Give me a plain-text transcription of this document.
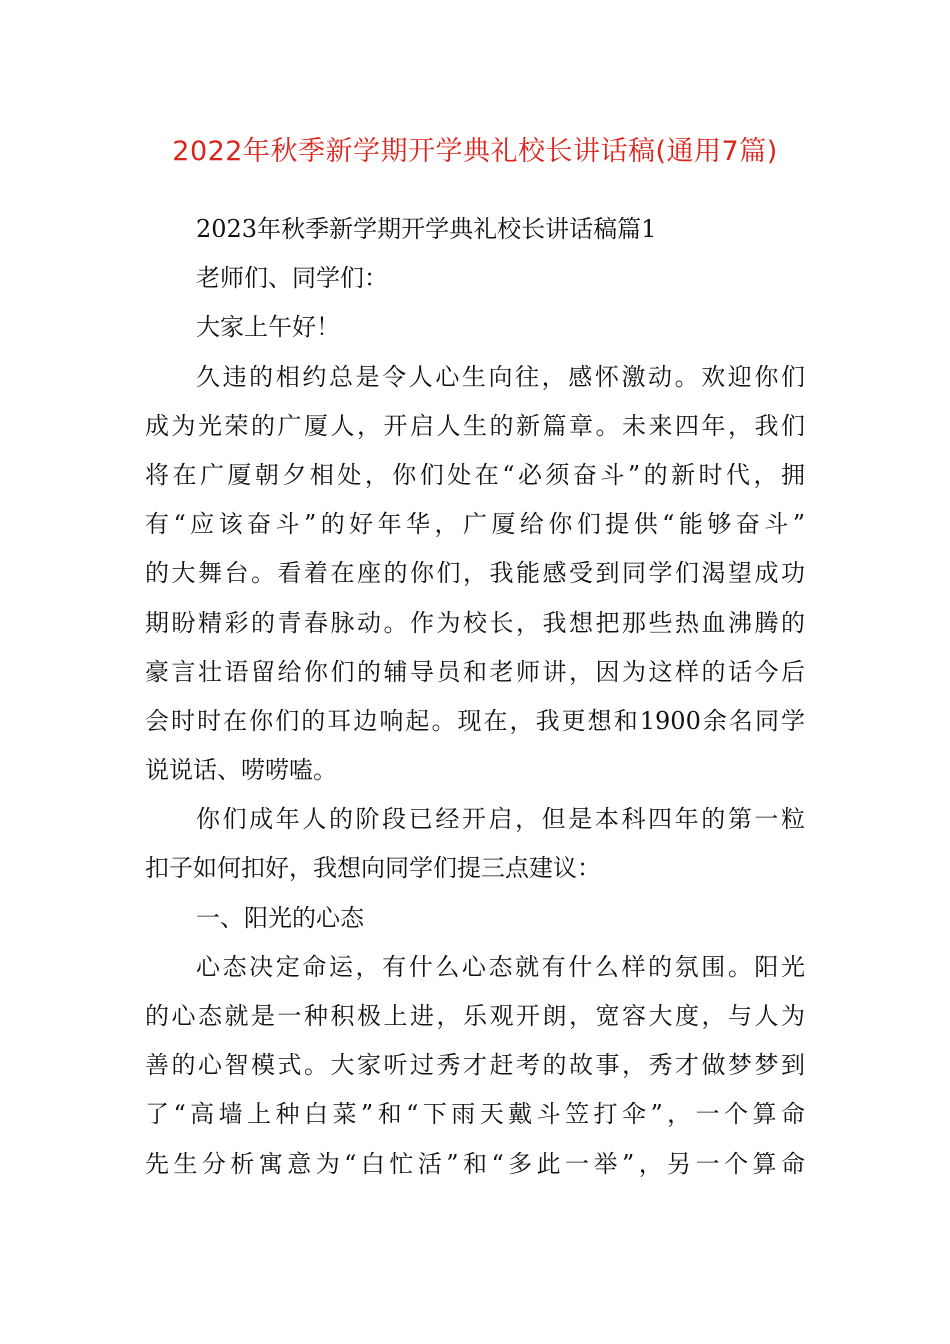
2022年秋季新学期开学典礼校长讲话稿(通用7篇)
2023年秋季新学期开学典礼校长讲话稿篇1
老师们、同学们：
大家上午好！
久违的相约总是令人心生向往，感怀激动。欢迎你们
成为光荣的广厦人，开启人生的新篇章。未来四年，我们
将在广厦朝夕相处，你们处在“必须奋斗”的新时代，拥
有“应该奋斗”的好年华，广厦给你们提供“能够奋斗”
的大舞台。看着在座的你们，我能感受到同学们渴望成功
期盼精彩的青春脉动。作为校长，我想把那些热血沸腾的
豪言壮语留给你们的辅导员和老师讲，因为这样的话今后
会时时在你们的耳边响起。现在，我更想和1900余名同学
说说话、唠唠嗑。
你们成年人的阶段已经开启，但是本科四年的第一粒
扣子如何扣好，我想向同学们提三点建议：
一、阳光的心态
心态决定命运，有什么心态就有什么样的氛围。阳光
的心态就是一种积极上进，乐观开朗，宽容大度，与人为
善的心智模式。大家听过秀才赶考的故事，秀才做梦梦到
了“高墙上种白菜”和“下雨天戴斗笠打伞”，一个算命
先生分析寓意为“白忙活”和“多此一举”，另一个算命
